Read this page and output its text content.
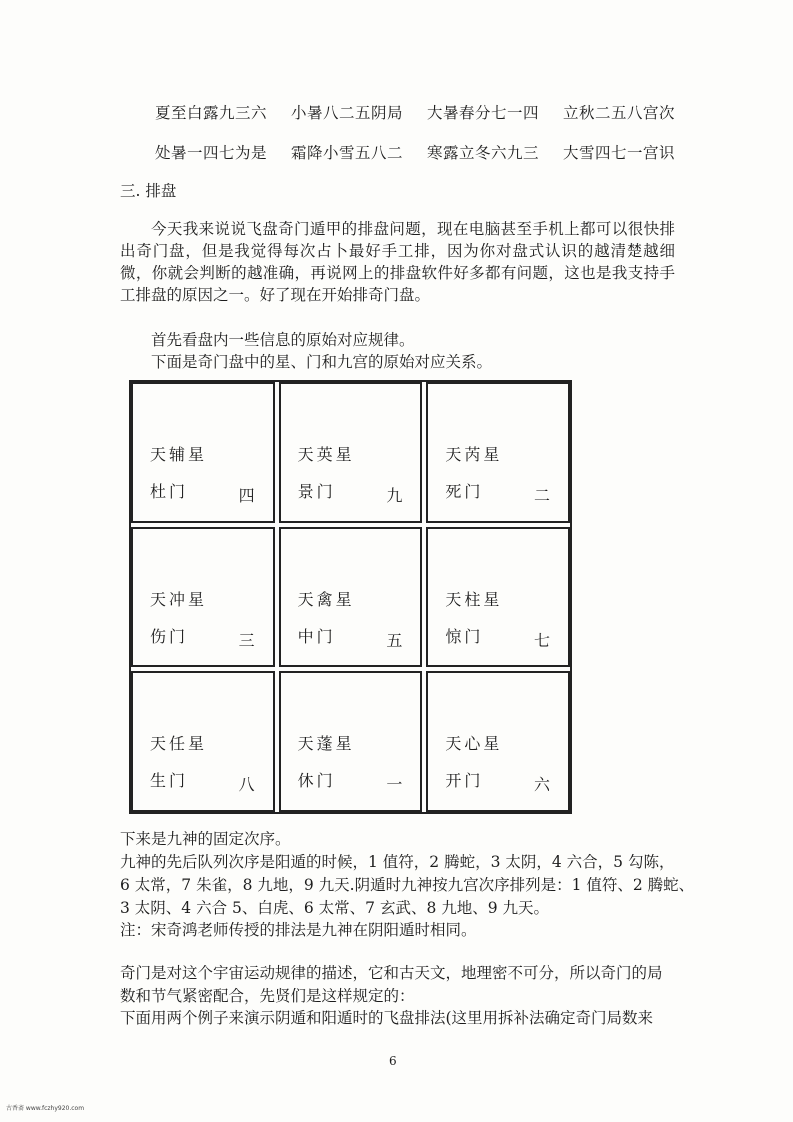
夏至白露九三六 小暑八二五阴局 大暑春分七一四 立秋二五八宫次
处暑一四七为是 霜降小雪五八二 寒露立冬六九三 大雪四七一宫识
三. 排盘
今天我来说说飞盘奇门遁甲的排盘问题，现在电脑甚至手机上都可以很快排出奇门盘，但是我觉得每次占卜最好手工排，因为你对盘式认识的越清楚越细微，你就会判断的越准确，再说网上的排盘软件好多都有问题，这也是我支持手工排盘的原因之一。好了现在开始排奇门盘。
首先看盘内一些信息的原始对应规律。
下面是奇门盘中的星、门和九宫的原始对应关系。
天辅星
杜门	四
天英星
景门	九
天芮星
死门	二
天冲星
伤门	三
天禽星
中门	五
天柱星
惊门	七
天任星
生门	八
天蓬星
休门	一
天心星
开门	六
下来是九神的固定次序。
九神的先后队列次序是阳遁的时候，1 值符，2 腾蛇，3 太阴，4 六合，5 勾陈，
6 太常，7 朱雀，8 九地，9 九天.阴遁时九神按九宫次序排列是：1 值符、2 腾蛇、
3 太阴、4 六合 5、白虎、6 太常、7 玄武、8 九地、9 九天。
注：宋奇鸿老师传授的排法是九神在阴阳遁时相同。
奇门是对这个宇宙运动规律的描述，它和古天文，地理密不可分，所以奇门的局
数和节气紧密配合，先贤们是这样规定的：
下面用两个例子来演示阴遁和阳遁时的飞盘排法(这里用拆补法确定奇门局数来
6
古香斋 www.fczhy920.com
